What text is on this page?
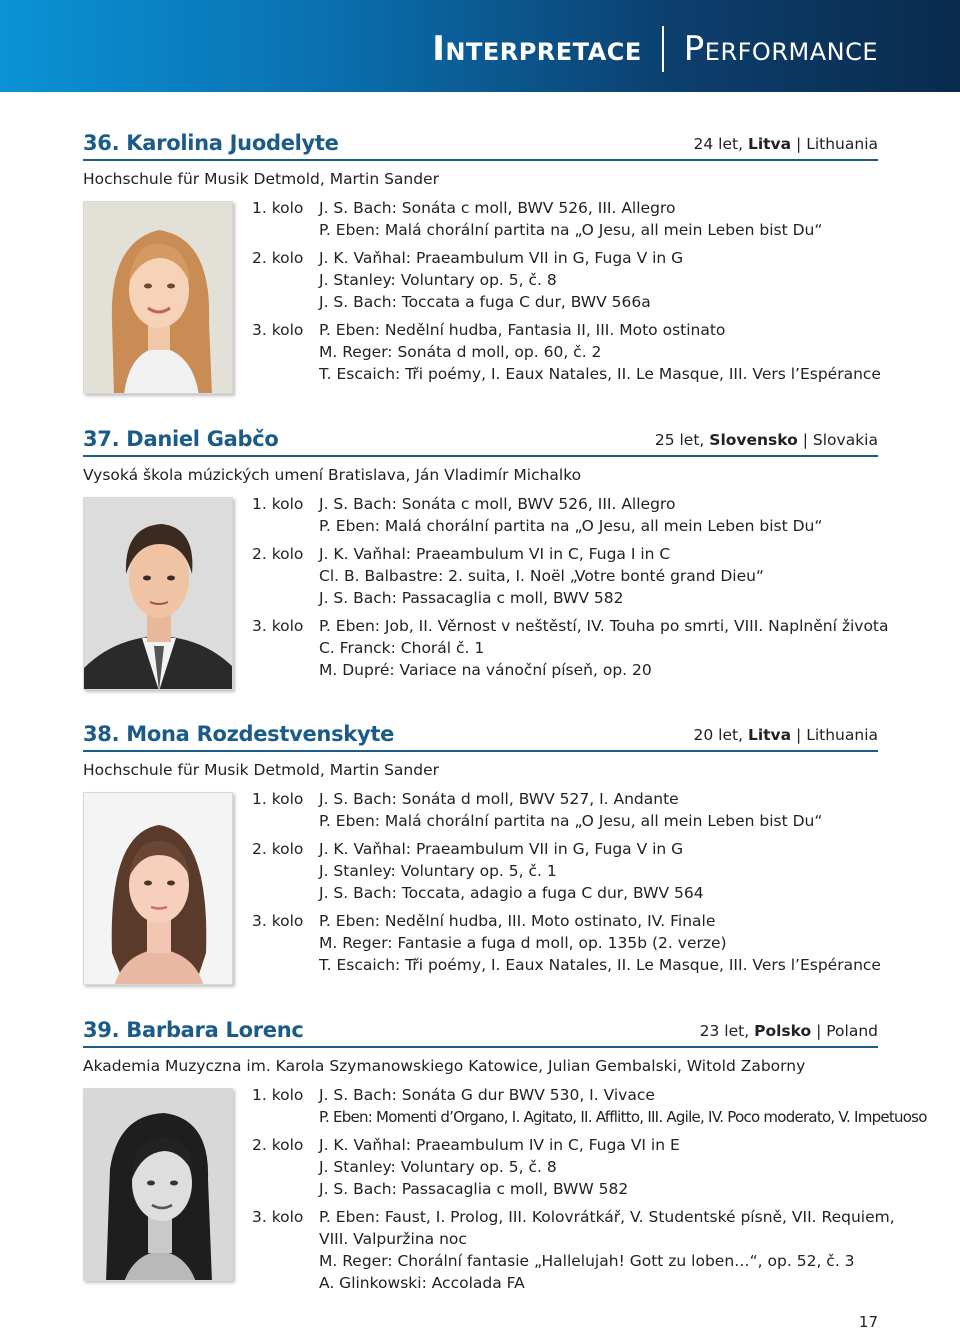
Interpretace Performance
36. Karolina Juodelyte	24 let, Litva | Lithuania
Hochschule für Musik Detmold, Martin Sander
1. kolo	J. S. Bach: Sonáta c moll, BWV 526, III. Allegro
P. Eben: Malá chorální partita na „O Jesu, all mein Leben bist Du“
2. kolo	J. K. Vaňhal: Praeambulum VII in G, Fuga V in G
J. Stanley: Voluntary op. 5, č. 8
J. S. Bach: Toccata a fuga C dur, BWV 566a
3. kolo	P. Eben: Nedělní hudba, Fantasia II, III. Moto ostinato
M. Reger: Sonáta d moll, op. 60, č. 2
T. Escaich: Tři poémy, I. Eaux Natales, II. Le Masque, III. Vers l’Espérance
37. Daniel Gabčo	25 let, Slovensko | Slovakia
Vysoká škola múzických umení Bratislava, Ján Vladimír Michalko
1. kolo	J. S. Bach: Sonáta c moll, BWV 526, III. Allegro
P. Eben: Malá chorální partita na „O Jesu, all mein Leben bist Du“
2. kolo	J. K. Vaňhal: Praeambulum VI in C, Fuga I in C
Cl. B. Balbastre: 2. suita, I. Noël „Votre bonté grand Dieu“
J. S. Bach: Passacaglia c moll, BWV 582
3. kolo	P. Eben: Job, II. Věrnost v neštěstí, IV. Touha po smrti, VIII. Naplnění života
C. Franck: Chorál č. 1
M. Dupré: Variace na vánoční píseň, op. 20
38. Mona Rozdestvenskyte	20 let, Litva | Lithuania
Hochschule für Musik Detmold, Martin Sander
1. kolo	J. S. Bach: Sonáta d moll, BWV 527, I. Andante
P. Eben: Malá chorální partita na „O Jesu, all mein Leben bist Du“
2. kolo	J. K. Vaňhal: Praeambulum VII in G, Fuga V in G
J. Stanley: Voluntary op. 5, č. 1
J. S. Bach: Toccata, adagio a fuga C dur, BWV 564
3. kolo	P. Eben: Nedělní hudba, III. Moto ostinato, IV. Finale
M. Reger: Fantasie a fuga d moll, op. 135b (2. verze)
T. Escaich: Tři poémy, I. Eaux Natales, II. Le Masque, III. Vers l’Espérance
39. Barbara Lorenc	23 let, Polsko | Poland
Akademia Muzyczna im. Karola Szymanowskiego Katowice, Julian Gembalski, Witold Zaborny
1. kolo	J. S. Bach: Sonáta G dur BWV 530, I. Vivace
P. Eben: Momenti d’Organo, I. Agitato, II. Afflitto, III. Agile, IV. Poco moderato, V. Impetuoso
2. kolo	J. K. Vaňhal: Praeambulum IV in C, Fuga VI in E
J. Stanley: Voluntary op. 5, č. 8
J. S. Bach: Passacaglia c moll, BWW 582
3. kolo	P. Eben: Faust, I. Prolog, III. Kolovrátkář, V. Studentské písně, VII. Requiem,
VIII. Valpuržina noc
M. Reger: Chorální fantasie „Hallelujah! Gott zu loben…“, op. 52, č. 3
A. Glinkowski: Accolada FA
17
